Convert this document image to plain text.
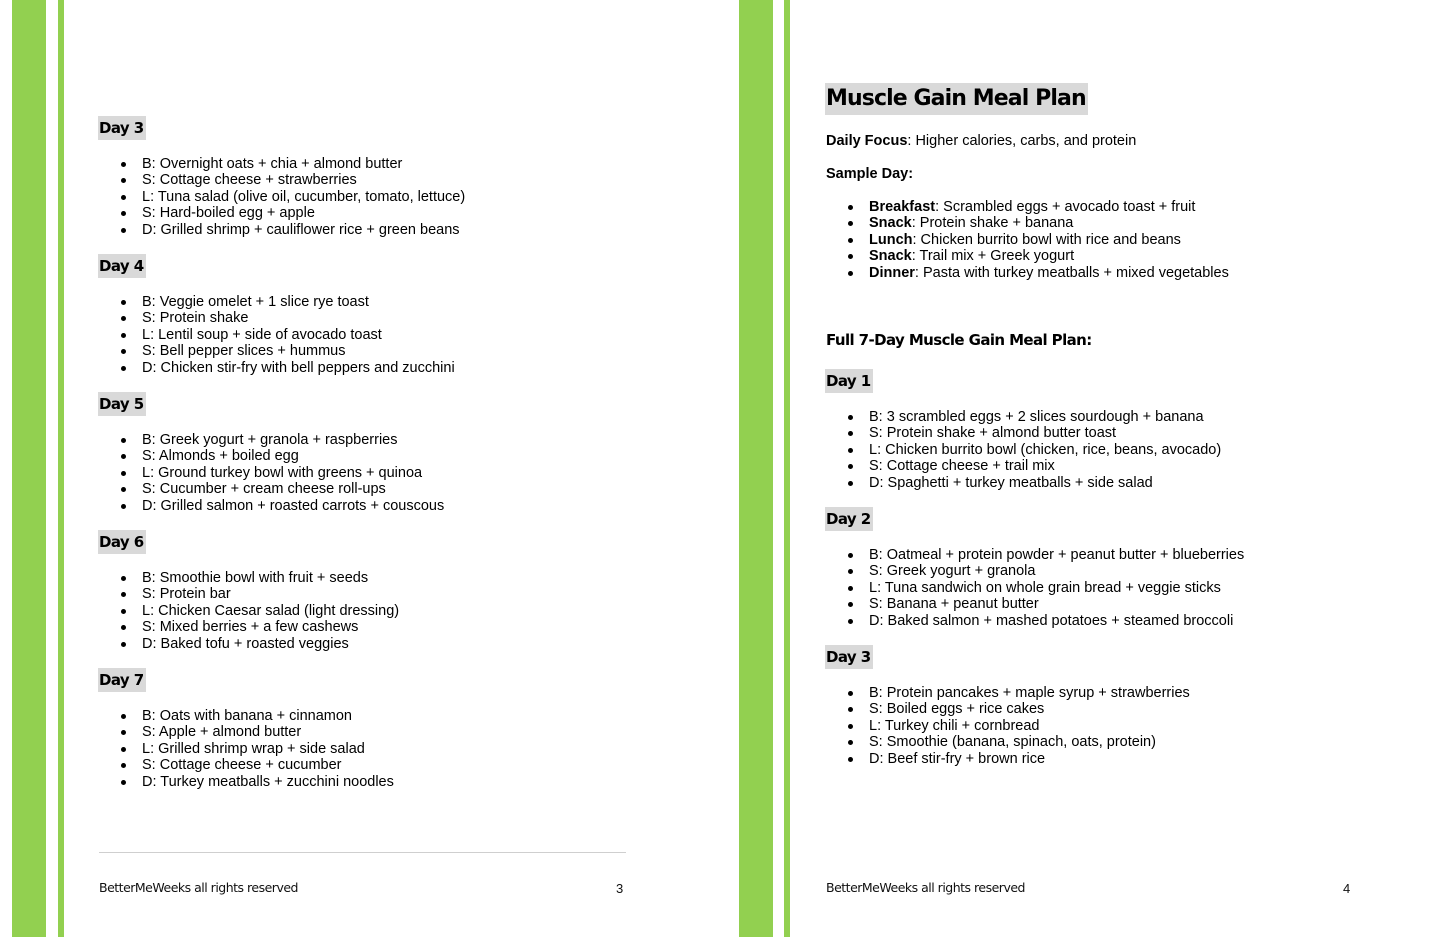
Day 3
B: Overnight oats + chia + almond butter
S: Cottage cheese + strawberries
L: Tuna salad (olive oil, cucumber, tomato, lettuce)
S: Hard-boiled egg + apple
D: Grilled shrimp + cauliflower rice + green beans
Day 4
B: Veggie omelet + 1 slice rye toast
S: Protein shake
L: Lentil soup + side of avocado toast
S: Bell pepper slices + hummus
D: Chicken stir-fry with bell peppers and zucchini
Day 5
B: Greek yogurt + granola + raspberries
S: Almonds + boiled egg
L: Ground turkey bowl with greens + quinoa
S: Cucumber + cream cheese roll-ups
D: Grilled salmon + roasted carrots + couscous
Day 6
B: Smoothie bowl with fruit + seeds
S: Protein bar
L: Chicken Caesar salad (light dressing)
S: Mixed berries + a few cashews
D: Baked tofu + roasted veggies
Day 7
B: Oats with banana + cinnamon
S: Apple + almond butter
L: Grilled shrimp wrap + side salad
S: Cottage cheese + cucumber
D: Turkey meatballs + zucchini noodles
BetterMeWeeks all rights reserved	3
Muscle Gain Meal Plan
Daily Focus: Higher calories, carbs, and protein
Sample Day:
Breakfast: Scrambled eggs + avocado toast + fruit
Snack: Protein shake + banana
Lunch: Chicken burrito bowl with rice and beans
Snack: Trail mix + Greek yogurt
Dinner: Pasta with turkey meatballs + mixed vegetables
Full 7-Day Muscle Gain Meal Plan:
Day 1
B: 3 scrambled eggs + 2 slices sourdough + banana
S: Protein shake + almond butter toast
L: Chicken burrito bowl (chicken, rice, beans, avocado)
S: Cottage cheese + trail mix
D: Spaghetti + turkey meatballs + side salad
Day 2
B: Oatmeal + protein powder + peanut butter + blueberries
S: Greek yogurt + granola
L: Tuna sandwich on whole grain bread + veggie sticks
S: Banana + peanut butter
D: Baked salmon + mashed potatoes + steamed broccoli
Day 3
B: Protein pancakes + maple syrup + strawberries
S: Boiled eggs + rice cakes
L: Turkey chili + cornbread
S: Smoothie (banana, spinach, oats, protein)
D: Beef stir-fry + brown rice
BetterMeWeeks all rights reserved	4
